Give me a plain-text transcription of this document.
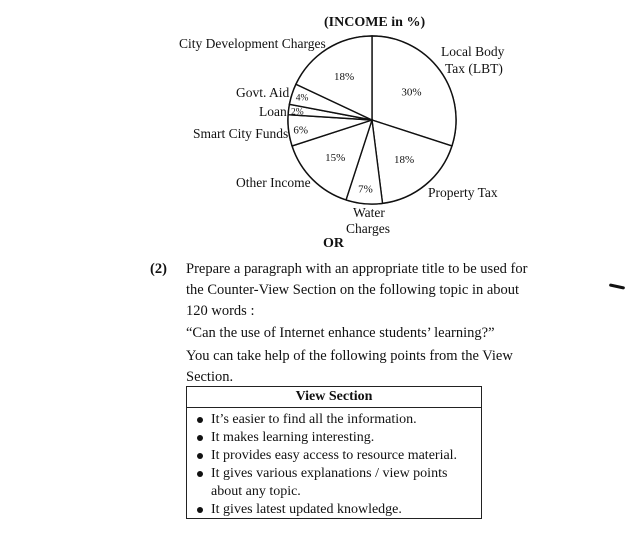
30%
18%
7%
15%
6%
2%
4%
18%
(INCOME in %)
City Development Charges
Local Body
Tax (LBT)
Govt. Aid
Loan
Smart City Funds
Other Income
Property Tax
Water
Charges
OR
(2) Prepare a paragraph with an appropriate title to be used for
the Counter-View Section on the following topic in about
120 words :
“Can the use of Internet enhance students’ learning?”
You can take help of the following points from the View
Section.
View Section
It’s easier to find all the information.
It makes learning interesting.
It provides easy access to resource material.
It gives various explanations / view points about any topic.
It gives latest updated knowledge.
